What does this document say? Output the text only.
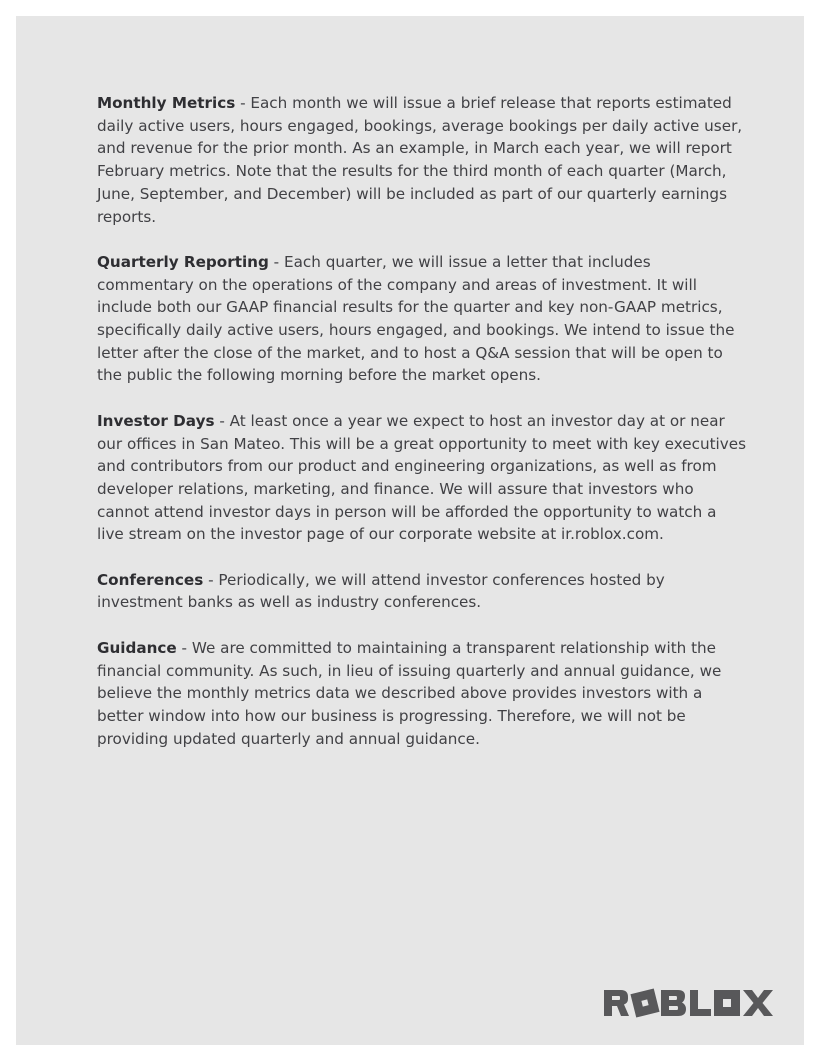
Monthly Metrics - Each month we will issue a brief release that reports estimated daily active users, hours engaged, bookings, average bookings per daily active user, and revenue for the prior month. As an example, in March each year, we will report February metrics. Note that the results for the third month of each quarter (March, June, September, and December) will be included as part of our quarterly earnings reports.

Quarterly Reporting - Each quarter, we will issue a letter that includes commentary on the operations of the company and areas of investment. It will include both our GAAP financial results for the quarter and key non-GAAP metrics, specifically daily active users, hours engaged, and bookings. We intend to issue the letter after the close of the market, and to host a Q&A session that will be open to the public the following morning before the market opens.

Investor Days - At least once a year we expect to host an investor day at or near our offices in San Mateo. This will be a great opportunity to meet with key executives and contributors from our product and engineering organizations, as well as from developer relations, marketing, and finance. We will assure that investors who cannot attend investor days in person will be afforded the opportunity to watch a live stream on the investor page of our corporate website at ir.roblox.com.

Conferences - Periodically, we will attend investor conferences hosted by investment banks as well as industry conferences.

Guidance - We are committed to maintaining a transparent relationship with the financial community. As such, in lieu of issuing quarterly and annual guidance, we believe the monthly metrics data we described above provides investors with a better window into how our business is progressing. Therefore, we will not be providing updated quarterly and annual guidance.
